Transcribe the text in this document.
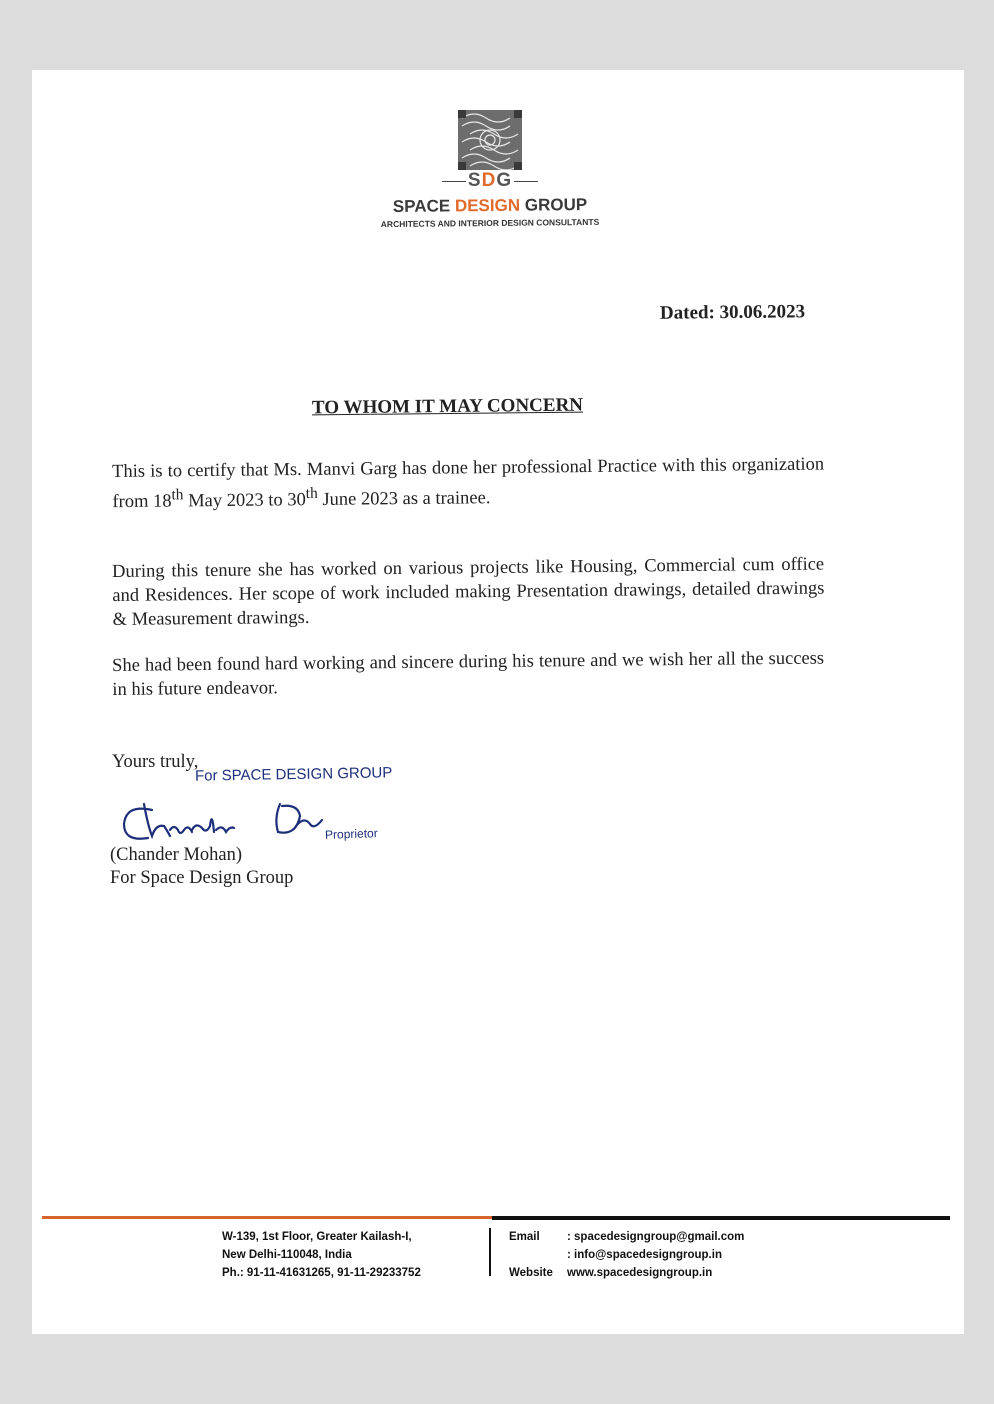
SDG
SPACE DESIGN GROUP
ARCHITECTS AND INTERIOR DESIGN CONSULTANTS
Dated: 30.06.2023
TO WHOM IT MAY CONCERN
This is to certify that Ms. Manvi Garg has done her professional Practice with this organization from 18th May 2023 to 30th June 2023 as a trainee.
During this tenure she has worked on various projects like Housing, Commercial cum office and Residences. Her scope of work included making Presentation drawings, detailed drawings & Measurement drawings.
She had been found hard working and sincere during his tenure and we wish her all the success in his future endeavor.
Yours truly,
For SPACE DESIGN GROUP
Proprietor
(Chander Mohan)
For Space Design Group
W-139, 1st Floor, Greater Kailash-I,
New Delhi-110048, India
Ph.: 91-11-41631265, 91-11-29233752
Email : spacedesigngroup@gmail.com
: info@spacedesigngroup.in
Website www.spacedesigngroup.in
